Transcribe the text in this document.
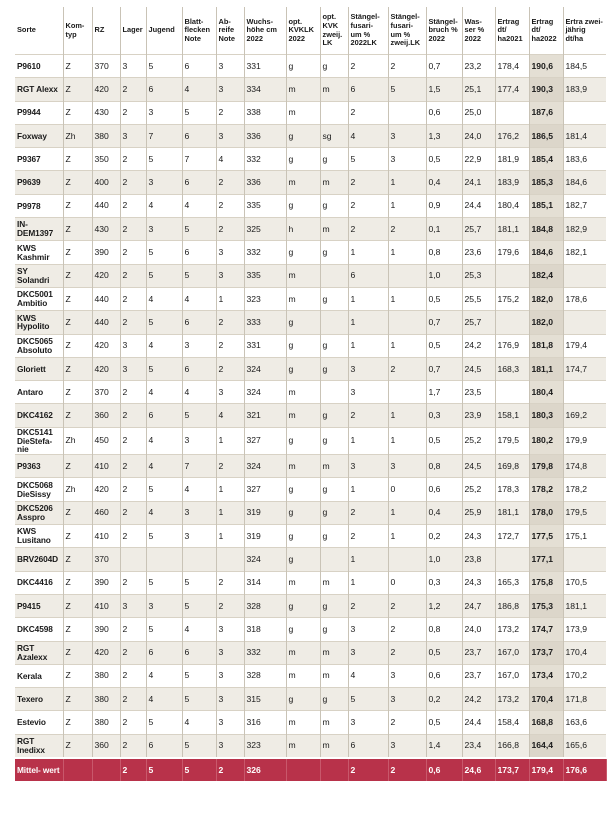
Sorte	Kom- typ	RZ	Lager	Jugend	Blatt- flecken Note	Ab- reife Note	Wuchs- höhe cm 2022	opt. KVKLK 2022	opt. KVK zweij. LK	Stängel- fusari- um % 2022LK	Stängel- fusari- um % zweij.LK	Stängel- bruch % 2022	Was- ser % 2022	Ertrag dt/ ha2021	Ertrag dt/ ha2022	Ertra zwei- jährig dt/ha
P9610	Z	370	3	5	6	3	331	g	g	2	2	0,7	23,2	178,4	190,6	184,5
RGT Alexx	Z	420	2	6	4	3	334	m	m	6	5	1,5	25,1	177,4	190,3	183,9
P9944	Z	430	2	3	5	2	338	m		2		0,6	25,0		187,6	
Foxway	Zh	380	3	7	6	3	336	g	sg	4	3	1,3	24,0	176,2	186,5	181,4
P9367	Z	350	2	5	7	4	332	g	g	5	3	0,5	22,9	181,9	185,4	183,6
P9639	Z	400	2	3	6	2	336	m	m	2	1	0,4	24,1	183,9	185,3	184,6
P9978	Z	440	2	4	4	2	335	g	g	2	1	0,9	24,4	180,4	185,1	182,7
IN- DEM1397	Z	430	2	3	5	2	325	h	m	2	2	0,1	25,7	181,1	184,8	182,9
KWS Kashmir	Z	390	2	5	6	3	332	g	g	1	1	0,8	23,6	179,6	184,6	182,1
SY Solandri	Z	420	2	5	5	3	335	m		6		1,0	25,3		182,4	
DKC5001 Ambitio	Z	440	2	4	4	1	323	m	g	1	1	0,5	25,5	175,2	182,0	178,6
KWS Hypolito	Z	440	2	5	6	2	333	g		1		0,7	25,7		182,0	
DKC5065 Absoluto	Z	420	3	4	3	2	331	g	g	1	1	0,5	24,2	176,9	181,8	179,4
Gloriett	Z	420	3	5	6	2	324	g	g	3	2	0,7	24,5	168,3	181,1	174,7
Antaro	Z	370	2	4	4	3	324	m		3		1,7	23,5		180,4	
DKC4162	Z	360	2	6	5	4	321	m	g	2	1	0,3	23,9	158,1	180,3	169,2
DKC5141 DieStefa- nie	Zh	450	2	4	3	1	327	g	g	1	1	0,5	25,2	179,5	180,2	179,9
P9363	Z	410	2	4	7	2	324	m	m	3	3	0,8	24,5	169,8	179,8	174,8
DKC5068 DieSissy	Zh	420	2	5	4	1	327	g	g	1	0	0,6	25,2	178,3	178,2	178,2
DKC5206 Asspro	Z	460	2	4	3	1	319	g	g	2	1	0,4	25,9	181,1	178,0	179,5
KWS Lusitano	Z	410	2	5	3	1	319	g	g	2	1	0,2	24,3	172,7	177,5	175,1
BRV2604D	Z	370					324	g		1		1,0	23,8		177,1	
DKC4416	Z	390	2	5	5	2	314	m	m	1	0	0,3	24,3	165,3	175,8	170,5
P9415	Z	410	3	3	5	2	328	g	g	2	2	1,2	24,7	186,8	175,3	181,1
DKC4598	Z	390	2	5	4	3	318	g	g	3	2	0,8	24,0	173,2	174,7	173,9
RGT Azalexx	Z	420	2	6	6	3	332	m	m	3	2	0,5	23,7	167,0	173,7	170,4
Kerala	Z	380	2	4	5	3	328	m	m	4	3	0,6	23,7	167,0	173,4	170,2
Texero	Z	380	2	4	5	3	315	g	g	5	3	0,2	24,2	173,2	170,4	171,8
Estevio	Z	380	2	5	4	3	316	m	m	3	2	0,5	24,4	158,4	168,8	163,6
RGT Inedixx	Z	360	2	6	5	3	323	m	m	6	3	1,4	23,4	166,8	164,4	165,6
Mittel- wert			2	5	5	2	326			2	2	0,6	24,6	173,7	179,4	176,6
